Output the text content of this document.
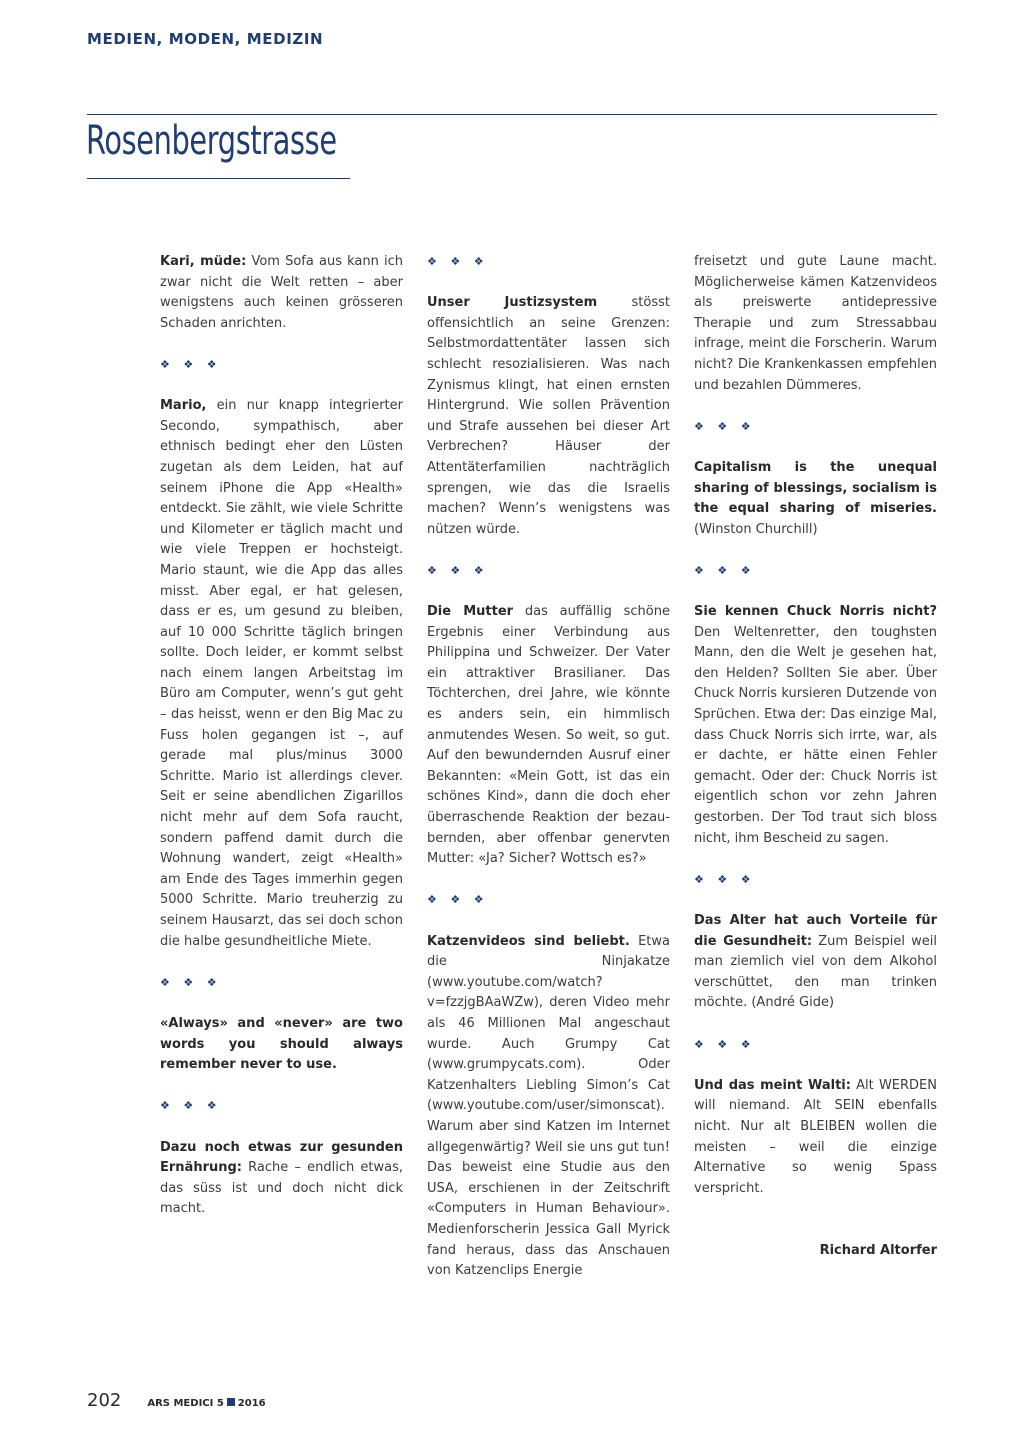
MEDIEN, MODEN, MEDIZIN
Rosenbergstrasse

Kari, müde: Vom Sofa aus kann ich zwar nicht die Welt retten – aber wenigstens auch keinen grösseren Schaden anrichten.

❖ ❖ ❖

Mario, ein nur knapp integrierter Secondo, sympathisch, aber ethnisch bedingt eher den Lüsten zugetan als dem Leiden, hat auf seinem iPhone die App «Health» entdeckt. Sie zählt, wie viele Schritte und Kilometer er täglich macht und wie viele Treppen er hochsteigt. Mario staunt, wie die App das alles misst. Aber egal, er hat gelesen, dass er es, um gesund zu bleiben, auf 10 000 Schritte täglich bringen sollte. Doch leider, er kommt selbst nach einem langen Arbeitstag im Büro am Computer, wenn’s gut geht – das heisst, wenn er den Big Mac zu Fuss holen gegangen ist –, auf gerade mal plus/minus 3000 Schritte. Mario ist allerdings clever. Seit er seine abendlichen Zigarillos nicht mehr auf dem Sofa raucht, sondern paffend damit durch die Wohnung wandert, zeigt «Health» am Ende des Tages immerhin gegen 5000 Schritte. Mario treuherzig zu seinem Hausarzt, das sei doch schon die halbe gesundheitliche Miete.

❖ ❖ ❖

«Always» and «never» are two words you should always remember never to use.

❖ ❖ ❖

Dazu noch etwas zur gesunden Ernährung: Rache – endlich etwas, das süss ist und doch nicht dick macht.

❖ ❖ ❖

Unser Justizsystem stösst offensichtlich an seine Grenzen: Selbstmordattentäter lassen sich schlecht resozialisieren. Was nach Zynismus klingt, hat einen ernsten Hintergrund. Wie sollen Prävention und Strafe aussehen bei dieser Art Verbrechen? Häuser der Attentäterfamilien nachträglich sprengen, wie das die Israelis machen? Wenn’s wenigstens was nützen würde.

❖ ❖ ❖

Die Mutter das auffällig schöne Ergebnis einer Verbindung aus Philippina und Schweizer. Der Vater ein attraktiver Brasilianer. Das Töchterchen, drei Jahre, wie könnte es anders sein, ein himmlisch anmutendes Wesen. So weit, so gut. Auf den bewundernden Ausruf einer Bekannten: «Mein Gott, ist das ein schönes Kind», dann die doch eher überraschende Reaktion der bezaubernden, aber offenbar genervten Mutter: «Ja? Sicher? Wottsch es?»

❖ ❖ ❖

Katzenvideos sind beliebt. Etwa die Ninjakatze (www.youtube.com/watch?v=fzzjgBAaWZw), deren Video mehr als 46 Millionen Mal angeschaut wurde. Auch Grumpy Cat (www.grumpycats.com). Oder Katzenhalters Liebling Simon’s Cat (www.youtube.com/user/simonscat). Warum aber sind Katzen im Internet allgegenwärtig? Weil sie uns gut tun! Das beweist eine Studie aus den USA, erschienen in der Zeitschrift «Computers in Human Behaviour». Medienforscherin Jessica Gall Myrick fand heraus, dass das Anschauen von Katzenclips Energie

freisetzt und gute Laune macht. Möglicherweise kämen Katzenvideos als preiswerte antidepressive Therapie und zum Stressabbau infrage, meint die Forscherin. Warum nicht? Die Krankenkassen empfehlen und bezahlen Dümmeres.

❖ ❖ ❖

Capitalism is the unequal sharing of blessings, socialism is the equal sharing of miseries. (Winston Churchill)

❖ ❖ ❖

Sie kennen Chuck Norris nicht? Den Weltenretter, den toughsten Mann, den die Welt je gesehen hat, den Helden? Sollten Sie aber. Über Chuck Norris kursieren Dutzende von Sprüchen. Etwa der: Das einzige Mal, dass Chuck Norris sich irrte, war, als er dachte, er hätte einen Fehler gemacht. Oder der: Chuck Norris ist eigentlich schon vor zehn Jahren gestorben. Der Tod traut sich bloss nicht, ihm Bescheid zu sagen.

❖ ❖ ❖

Das Alter hat auch Vorteile für die Gesundheit: Zum Beispiel weil man ziemlich viel von dem Alkohol verschüttet, den man trinken möchte. (André Gide)

❖ ❖ ❖

Und das meint Walti: Alt WERDEN will niemand. Alt SEIN ebenfalls nicht. Nur alt BLEIBEN wollen die meisten – weil die einzige Alternative so wenig Spass verspricht.

Richard Altorfer

202	ARS MEDICI 5 2016
